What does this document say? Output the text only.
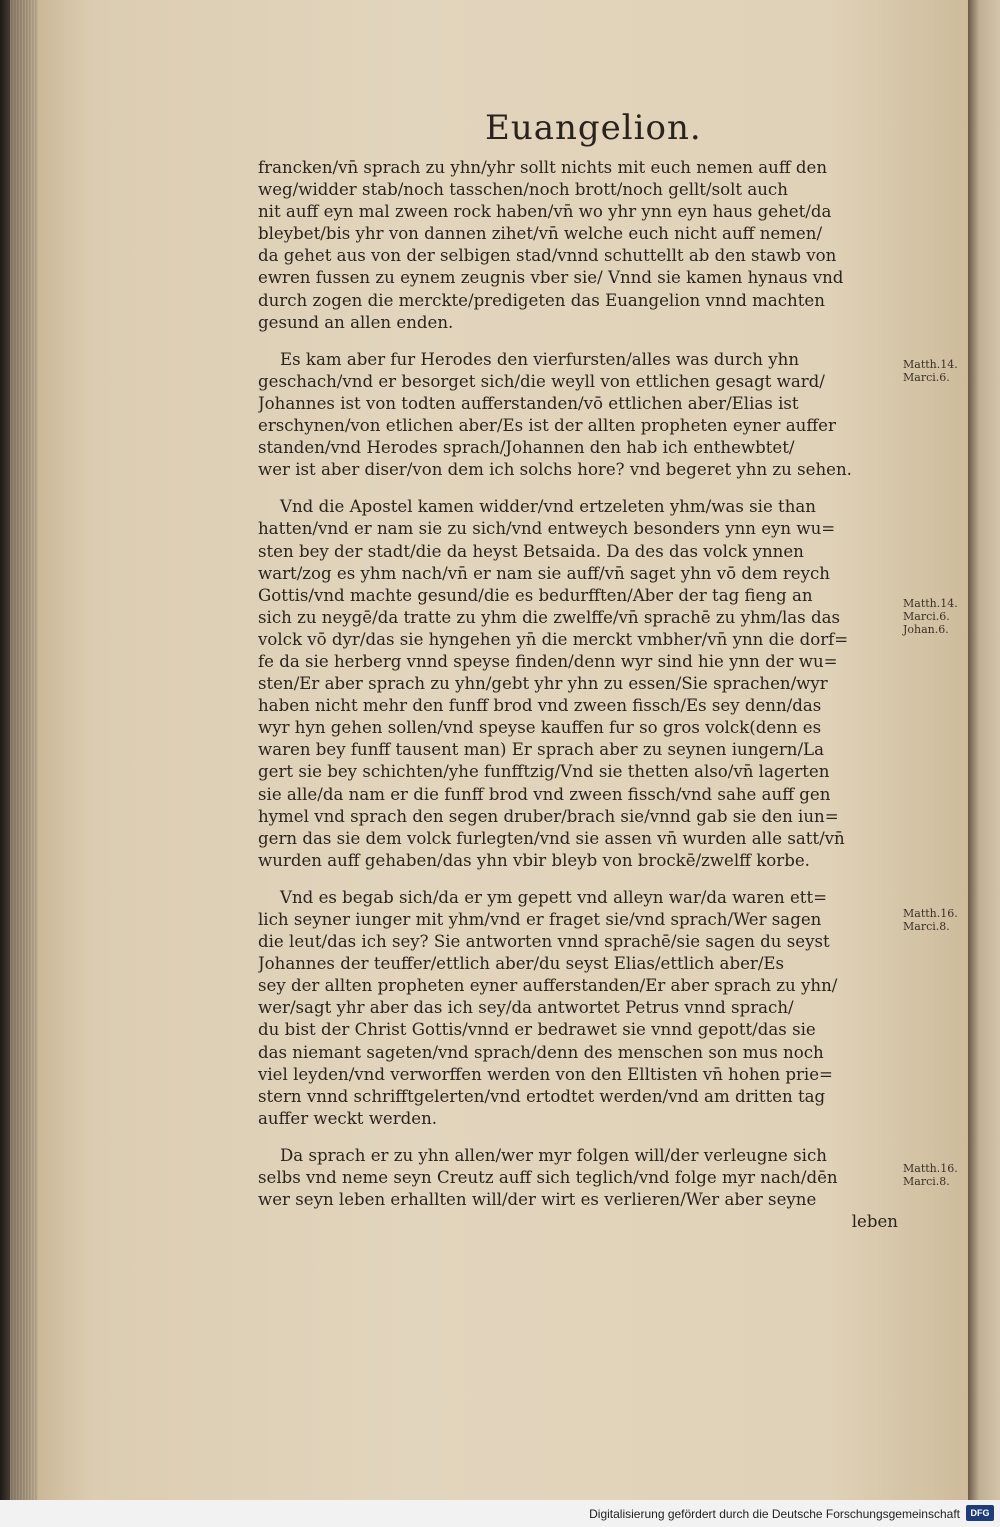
Euangelion.
francken/vn̄ sprach zu yhn/yhr sollt nichts mit euch nemen auff den
weg/widder stab/noch tasschen/noch brott/noch gellt/solt auch
nit auff eyn mal zween rock haben/vn̄ wo yhr ynn eyn haus gehet/da
bleybet/bis yhr von dannen zihet/vn̄ welche euch nicht auff nemen/
da gehet aus von der selbigen stad/vnnd schuttellt ab den stawb von
ewren fussen zu eynem zeugnis vber sie/ Vnnd sie kamen hynaus vnd
durch zogen die merckte/predigeten das Euangelion vnnd machten
gesund an allen enden.
Es kam aber fur Herodes den vierfursten/alles was durch yhn
geschach/vnd er besorget sich/die weyll von ettlichen gesagt ward/
Johannes ist von todten aufferstanden/vō ettlichen aber/Elias ist
erschynen/von etlichen aber/Es ist der allten propheten eyner auffer
standen/vnd Herodes sprach/Johannen den hab ich enthewbtet/
wer ist aber diser/von dem ich solchs hore? vnd begeret yhn zu sehen.
Vnd die Apostel kamen widder/vnd ertzeleten yhm/was sie than
hatten/vnd er nam sie zu sich/vnd entweych besonders ynn eyn wu=
sten bey der stadt/die da heyst Betsaida. Da des das volck ynnen
wart/zog es yhm nach/vn̄ er nam sie auff/vn̄ saget yhn vō dem reych
Gottis/vnd machte gesund/die es bedurfften/Aber der tag fieng an
sich zu neygē/da tratte zu yhm die zwelffe/vn̄ sprachē zu yhm/las das
volck vō dyr/das sie hyngehen yn̄ die merckt vmbher/vn̄ ynn die dorf=
fe da sie herberg vnnd speyse finden/denn wyr sind hie ynn der wu=
sten/Er aber sprach zu yhn/gebt yhr yhn zu essen/Sie sprachen/wyr
haben nicht mehr den funff brod vnd zween fissch/Es sey denn/das
wyr hyn gehen sollen/vnd speyse kauffen fur so gros volck(denn es
waren bey funff tausent man) Er sprach aber zu seynen iungern/La
gert sie bey schichten/yhe funfftzig/Vnd sie thetten also/vn̄ lagerten
sie alle/da nam er die funff brod vnd zween fissch/vnd sahe auff gen
hymel vnd sprach den segen druber/brach sie/vnnd gab sie den iun=
gern das sie dem volck furlegten/vnd sie assen vn̄ wurden alle satt/vn̄
wurden auff gehaben/das yhn vbir bleyb von brockē/zwelff korbe.
Vnd es begab sich/da er ym gepett vnd alleyn war/da waren ett=
lich seyner iunger mit yhm/vnd er fraget sie/vnd sprach/Wer sagen
die leut/das ich sey? Sie antworten vnnd sprachē/sie sagen du seyst
Johannes der teuffer/ettlich aber/du seyst Elias/ettlich aber/Es
sey der allten propheten eyner aufferstanden/Er aber sprach zu yhn/
wer/sagt yhr aber das ich sey/da antwortet Petrus vnnd sprach/
du bist der Christ Gottis/vnnd er bedrawet sie vnnd gepott/das sie
das niemant sageten/vnd sprach/denn des menschen son mus noch
viel leyden/vnd verworffen werden von den Elltisten vn̄ hohen prie=
stern vnnd schrifftgelerten/vnd ertodtet werden/vnd am dritten tag
auffer weckt werden.
Da sprach er zu yhn allen/wer myr folgen will/der verleugne sich
selbs vnd neme seyn Creutz auff sich teglich/vnd folge myr nach/dēn
wer seyn leben erhallten will/der wirt es verlieren/Wer aber seyne
leben
Matth.14.
Marci.6.
Matth.14.
Marci.6.
Johan.6.
Matth.16.
Marci.8.
Matth.16.
Marci.8.
Digitalisierung gefördert durch die Deutsche Forschungsgemeinschaft	DFG
